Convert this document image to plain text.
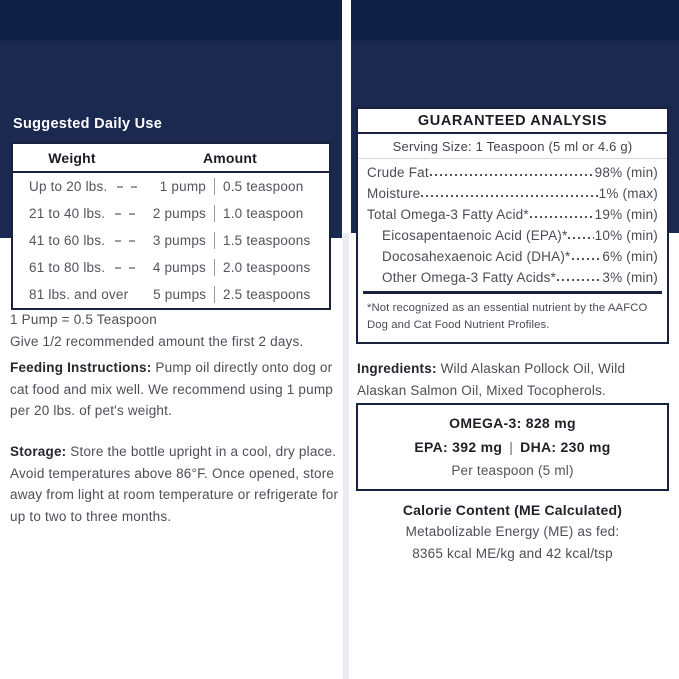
Suggested Daily Use
Weight	Amount
Up to 20 lbs.	1 pump 0.5 teaspoon
21 to 40 lbs.	2 pumps 1.0 teaspoon
41 to 60 lbs.	3 pumps 1.5 teaspoons
61 to 80 lbs.	4 pumps 2.0 teaspoons
81 lbs. and over	5 pumps 2.5 teaspoons
1 Pump = 0.5 Teaspoon
Give 1/2 recommended amount the first 2 days.
Feeding Instructions: Pump oil directly onto dog or cat food and mix well. We recommend using 1 pump per 20 lbs. of pet's weight.
Storage: Store the bottle upright in a cool, dry place. Avoid temperatures above 86°F. Once opened, store away from light at room temperature or refrigerate for up to two to three months.
GUARANTEED ANALYSIS
Serving Size: 1 Teaspoon (5 ml or 4.6 g)
Crude Fat	98% (min)
Moisture	1% (max)
Total Omega-3 Fatty Acid*	19% (min)
Eicosapentaenoic Acid (EPA)* 10% (min)
Docosahexaenoic Acid (DHA)* 6% (min)
Other Omega-3 Fatty Acids*	3% (min)
*Not recognized as an essential nutrient by the AAFCO Dog and Cat Food Nutrient Profiles.
Ingredients: Wild Alaskan Pollock Oil, Wild Alaskan Salmon Oil, Mixed Tocopherols.
OMEGA-3: 828 mg
EPA: 392 mg | DHA: 230 mg
Per teaspoon (5 ml)
Calorie Content (ME Calculated)
Metabolizable Energy (ME) as fed:
8365 kcal ME/kg and 42 kcal/tsp
